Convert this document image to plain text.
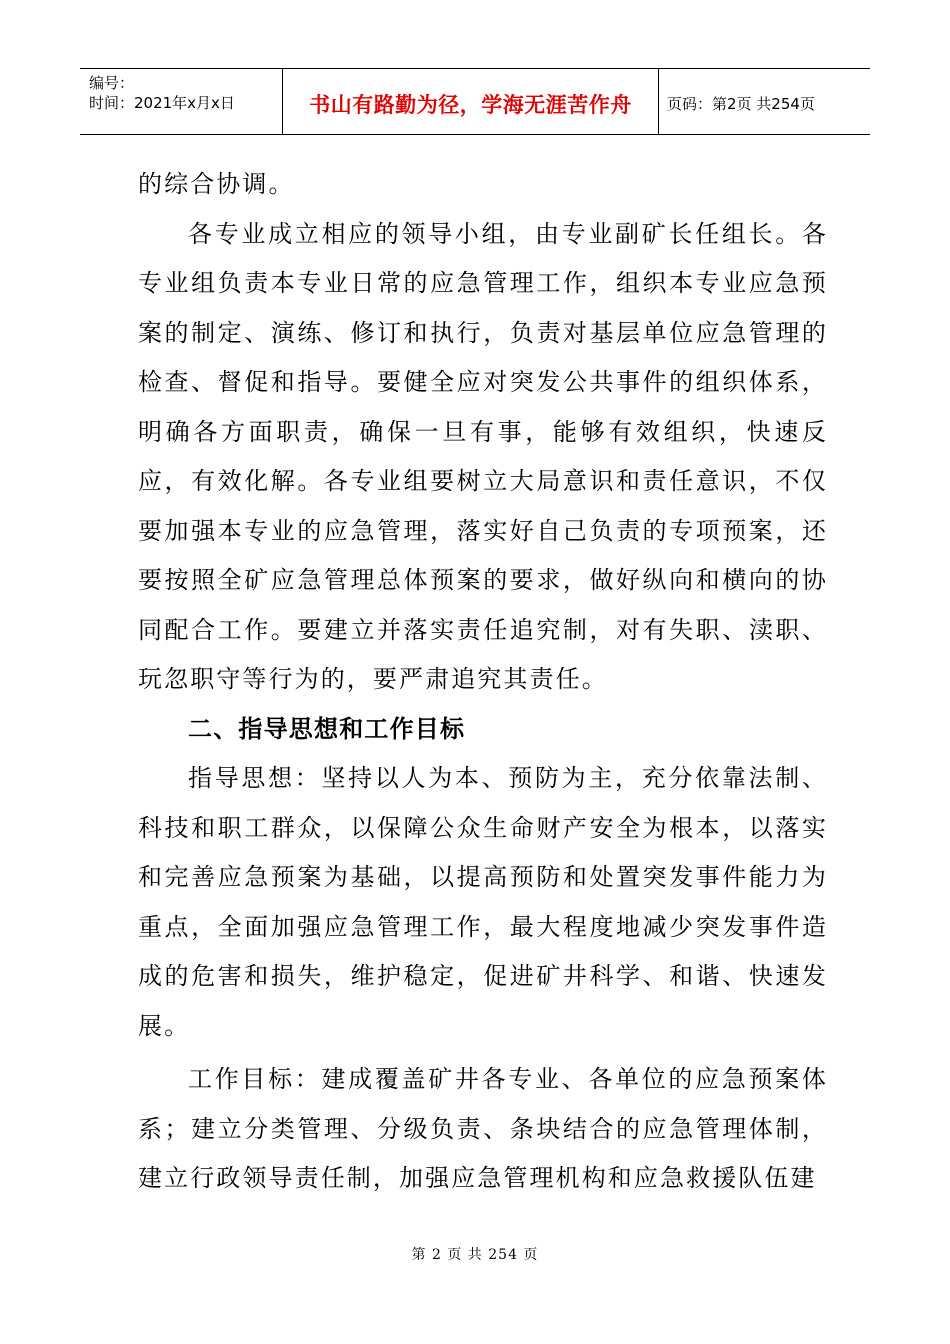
编号：
时间：2021年x月x日	书山有路勤为径，学海无涯苦作舟 页码：第2页 共254页

的综合协调。

各专业成立相应的领导小组，由专业副矿长任组长。各专业组负责本专业日常的应急管理工作，组织本专业应急预案的制定、演练、修订和执行，负责对基层单位应急管理的检查、督促和指导。要健全应对突发公共事件的组织体系，明确各方面职责，确保一旦有事，能够有效组织，快速反应，有效化解。各专业组要树立大局意识和责任意识，不仅要加强本专业的应急管理，落实好自己负责的专项预案，还要按照全矿应急管理总体预案的要求，做好纵向和横向的协同配合工作。要建立并落实责任追究制，对有失职、渎职、玩忽职守等行为的，要严肃追究其责任。

二、指导思想和工作目标

指导思想：坚持以人为本、预防为主，充分依靠法制、科技和职工群众，以保障公众生命财产安全为根本，以落实和完善应急预案为基础，以提高预防和处置突发事件能力为重点，全面加强应急管理工作，最大程度地减少突发事件造成的危害和损失，维护稳定，促进矿井科学、和谐、快速发展。

工作目标：建成覆盖矿井各专业、各单位的应急预案体系；建立分类管理、分级负责、条块结合的应急管理体制，建立行政领导责任制，加强应急管理机构和应急救援队伍建

第 2 页 共 254 页
